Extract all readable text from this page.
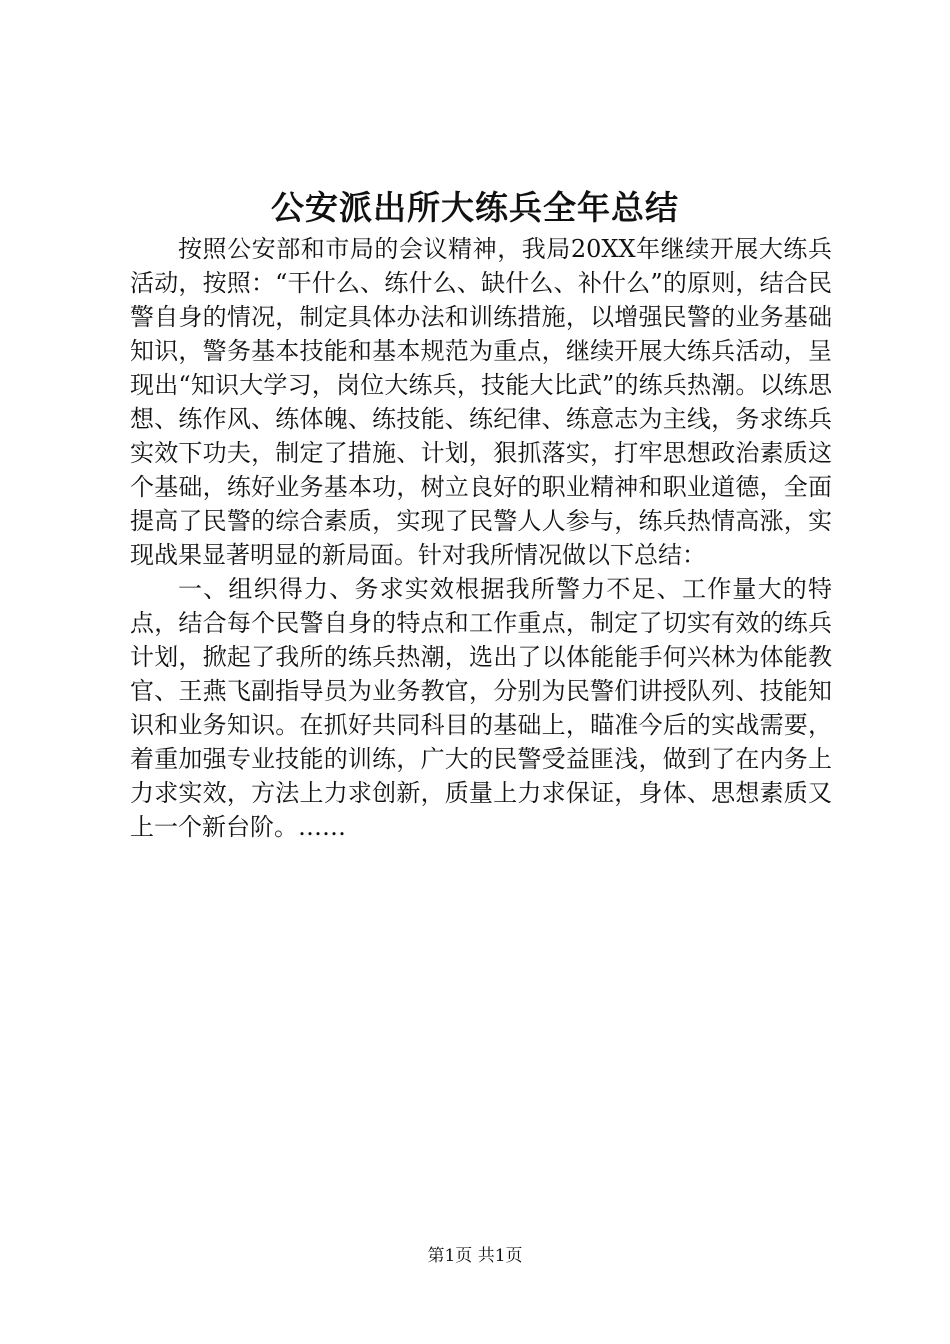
公安派出所大练兵全年总结

按照公安部和市局的会议精神，我局20XX年继续开展大练兵活动，按照：“干什么、练什么、缺什么、补什么”的原则，结合民警自身的情况，制定具体办法和训练措施，以增强民警的业务基础知识，警务基本技能和基本规范为重点，继续开展大练兵活动，呈现出“知识大学习，岗位大练兵，技能大比武”的练兵热潮。以练思想、练作风、练体魄、练技能、练纪律、练意志为主线，务求练兵实效下功夫，制定了措施、计划，狠抓落实，打牢思想政治素质这个基础，练好业务基本功，树立良好的职业精神和职业道德，全面提高了民警的综合素质，实现了民警人人参与，练兵热情高涨，实现战果显著明显的新局面。针对我所情况做以下总结：

一、组织得力、务求实效根据我所警力不足、工作量大的特点，结合每个民警自身的特点和工作重点，制定了切实有效的练兵计划，掀起了我所的练兵热潮，选出了以体能能手何兴林为体能教官、王燕飞副指导员为业务教官，分别为民警们讲授队列、技能知识和业务知识。在抓好共同科目的基础上，瞄准今后的实战需要，着重加强专业技能的训练，广大的民警受益匪浅，做到了在内务上力求实效，方法上力求创新，质量上力求保证，身体、思想素质又上一个新台阶。……

第1页 共1页
